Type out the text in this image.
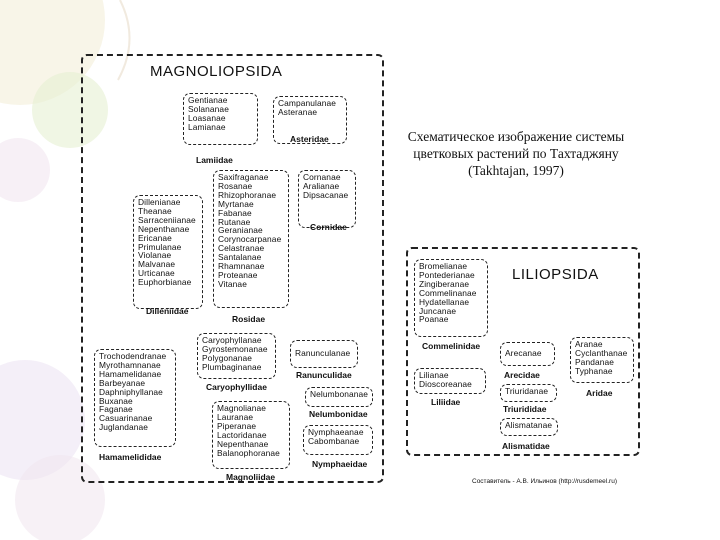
MAGNOLIOPSIDA
Gentianae
Solananae
Loasanae
Lamianae
Lamiidae
Campanulanae
Asteranae
Asteridae
Dillenianae
Theanae
Sarraceniianae
Nepenthanae
Ericanae
Primulanae
Violanae
Malvanae
Urticanae
Euphorbianae
Dilleniidae
Saxifraganae
Rosanae
Rhizophoranae
Myrtanae
Fabanae
Rutanae
Geranianae
Corynocarpanae
Celastranae
Santalanae
Rhamnanae
Proteanae
Vitanae
Rosidae
Cornanae
Aralianae
Dipsacanae
Cornidae
Caryophyllanae
Gyrostemonanae
Polygonanae
Plumbaginanae
Caryophyllidae
Ranunculanae
Ranunculidae
Trochodendranae
Myrothamnanae
Hamamelidanae
Barbeyanae
Daphniphyllanae
Buxanae
Faganae
Casuarinanae
Juglandanae
Hamamelididae
Nelumbonanae
Nelumbonidae
Magnolianae
Lauranae
Piperanae
Lactoridanae
Nepenthanae
Balanophoranae
Magnoliidae
Nymphaeanae
Cabombanae
Nymphaeidae
Схематическое изображение системы цветковых растений по Тахтаджяну (Takhtajan, 1997)
LILIOPSIDA
Bromelianae
Pontederianae
Zingiberanae
Commelinanae
Hydatellanae
Juncanae
Poanae
Commelinidae
Arecanae
Arecidae
Aranae
Cyclanthanae
Pandanae
Typhanae
Aridae
Lilianae
Dioscoreanae
Liliidae
Triuridanae
Triurididae
Alismatanae
Alismatidae
Составитель - А.В. Ильинов (http://rusdemeel.ru)
